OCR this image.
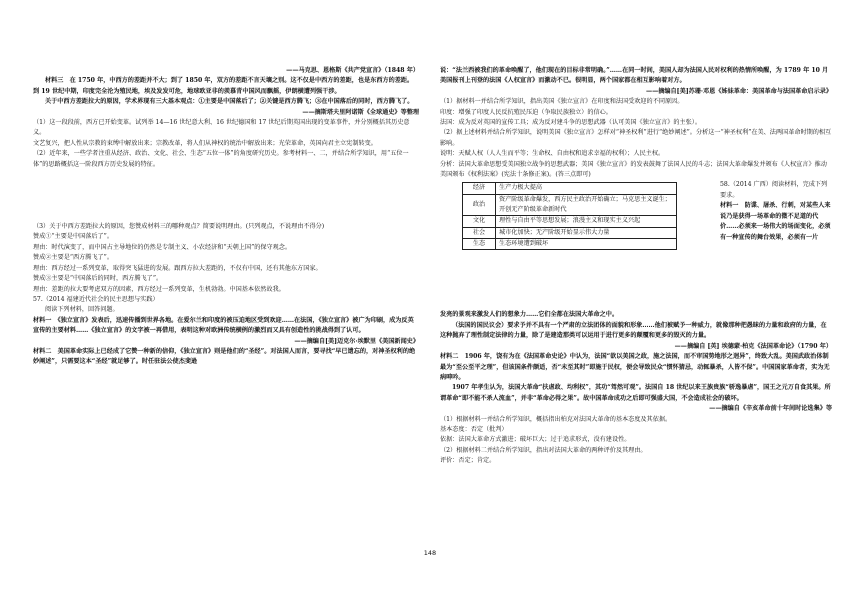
——马克思、恩格斯《共产党宣言》（1848 年）

材料三　在 1750 年，中西方的差距并不大；到了 1850 年，双方的差距不言天壤之别。这不仅是中西方的差距，也是东西方的差距。到 19 世纪中期，印度完全沦为殖民地，埃及发发可危，地球欧亚非的羡慕青中国风而飘摇，伊朗横遭列强干涉。

关于中西方差距拉大的原因，学术界现有三大基本观点：①主要是中国落后了；②关键是西方腾飞；③在中国落后的同时，西方腾飞了。

——摘斯塔夫里阿诺斯《全球通史》等整理

（1）这一段段前，西方已开始变革。试列举 14—16 世纪意大利、16 世纪德国和 17 世纪后期英国出现的变革事件，并分别概括其历史意义。

文艺复兴，把人性从宗教的束缚中解放出来；宗教改革，将人们从神权的统治中解放出来；光荣革命，英国向君主立宪制转变。

（2）近年来，一些学者注重从经济、政治、文化、社会、生态“五位一体”的角度研究历史。参考材料一、二，并结合所学知识，用“五位一体”的思路概括这一阶段西方历史发展的特征。

（3）关于中西方差距拉大的原因，您赞成材料三的哪种观点？简要说明理由。(只列观点，不说理由不得分)

赞成①“主要是中国落后了”。

理由：时代演变了，而中国占主导地位的仍然是专制主义、小农经济和“天朝上国”的保守观念。

赞成②主要是“西方腾飞了”。

理由：西方经过一系列变革，取得突飞猛进的发展。跟西方拉大差距的，不仅有中国，还有其他东方国家。

赞成③主要是“中国落后的同时，西方腾飞了”。

理由：差距的拉大要考虑双方的因素，西方经过一系列变革，生机勃勃。中国基本依然故我。

57.（2014 福建近代社会的民主思想与实践）

阅读下列材料，回答问题。

材料一　《独立宣言》发表后，迅速传播到世界各地。在爱尔兰和印度的被压迫地区受到欢迎……在法国，《独立宣言》被广为印刷，成为反英宣传的主要材料……《独立宣言》的文字被一再借用，表明这种对欧洲传统横例的激烈而又具有创造性的挑战得到了认可。

——摘编自[美]迈克尔·埃默里《美国新闻史》

材料二　美国革命实际上已经成了它赞一种新的信仰，《独立宣言》则是他们的“圣经”。对法国人而言，要寻找“早已遗忘的，对神圣权利的绝妙阐述”，只需要这本“圣经”就足够了。时任驻法公使杰斐逊

说：“法兰西被我们的革命唤醒了，他们现在的目标非常明确。”……在同一时间，美国人却为法国人民对权利的热情所唤醒，为 1789 年 10 月美国报刊上刊登的法国《人权宣言》而激动不已。很明显，两个国家都在相互影响着对方。

——摘编自[美]苏珊·邓恩《姊妹革命：美国革命与法国革命启示录》

（1）据材料一并结合所学知识，指出美国《独立宣言》在印度和法国受欢迎的不同原因。

印度：增强了印度人民反抗殖民压迫（争取民族独立）的信心。

法国：成为反对英国的宣传工具；成为反对建斗争的思想武器（认可美国《独立宣言》的主张）。

（2）据上述材料并结合所学知识，说明美国《独立宣言》怎样对“神圣权利”进行“绝妙阐述”。分析这一“神圣权利”在美、法两国革命时期的相互影响。

说明：天赋人权（人人生而平等；生命权、自由权和追求幸福的权利）；人民主权。

分析：法国大革命思想受美国独立战争的思想武器；美国《独立宣言》的发表鼓舞了法国人民的斗志；法国大革命爆发并颁布《人权宣言》推动美国颁布《权利法案》(宪法十条修正案)。(答三点即可)

经济	生产力极大提高
政治	资产阶级革命爆发，西方民主政治开始确立；马克思主义诞生；开创无产阶级革命新时代
文化	理性与自由平等思想发展；浪漫主义和现实主义兴起
社会	城市化加快；无产阶级开始显示伟大力量
生态	生态环境遭到破坏

58.（2014 广西）阅读材料，完成下列要求。

材料一　防谍、屠杀、行刺，对某些人来说乃是获得一场革命的微不足道的代价……必须来一场伟大的场面变化，必须有一种宣传的舞台效果，必须有一片

发亮的景观来激发人们的想象力……它们全都在法国大革命之中。

（法国的国民议会）要求予并不具有一个严肃的立法团体的面貌和形象……他们被赋予一种威力，就像那种把愚昧的力量和政府的力量，在这种抛弃了理性制定法律的力量，除了是建造那类可以运用于进行更多的颠覆和更多的毁灭的力量。

——摘编自 [英] 埃德蒙·柏克《法国革命论》（1790 年）

材料二　1906 年，饶有为在《法国革命史论》中认为，法国“欲以美国之政，施之法国，而不审国势地形之迥异”，终致大乱。美国武政治体制最为“至公至平之理”，但该国条件颇适，否“未至其时”即施于民权，便会导致民众“惯怀猜忌，动辄暴杀，人皆不保”。中国国家革命者，实为无病呻吟。

1907 年孝生认为，法国大革命“扶虐政、均利权”，其功“驾然可观”。法国自 18 世纪以来王族贵族“骄逸暴虐”，国王之元万自食其果。所谓革命“即不能不杀人流血”，并非“革命必得之果”。故中国革命成功之后即可强盛大国，不会造成社会的破坏。

——摘编自《辛亥革命前十年间时论选集》等

（1）根据材料一并结合所学知识，概括指出柏克对法国大革命的基本态度及其依据。

基本态度：否定（批判）

依据：法国大革命方式激进；破坏巨大；过于追求形式，没有建设性。

（2）根据材料二并结合所学知识，指出对法国大革命的两种评价及其理由。

评价：否定；肯定。

148
